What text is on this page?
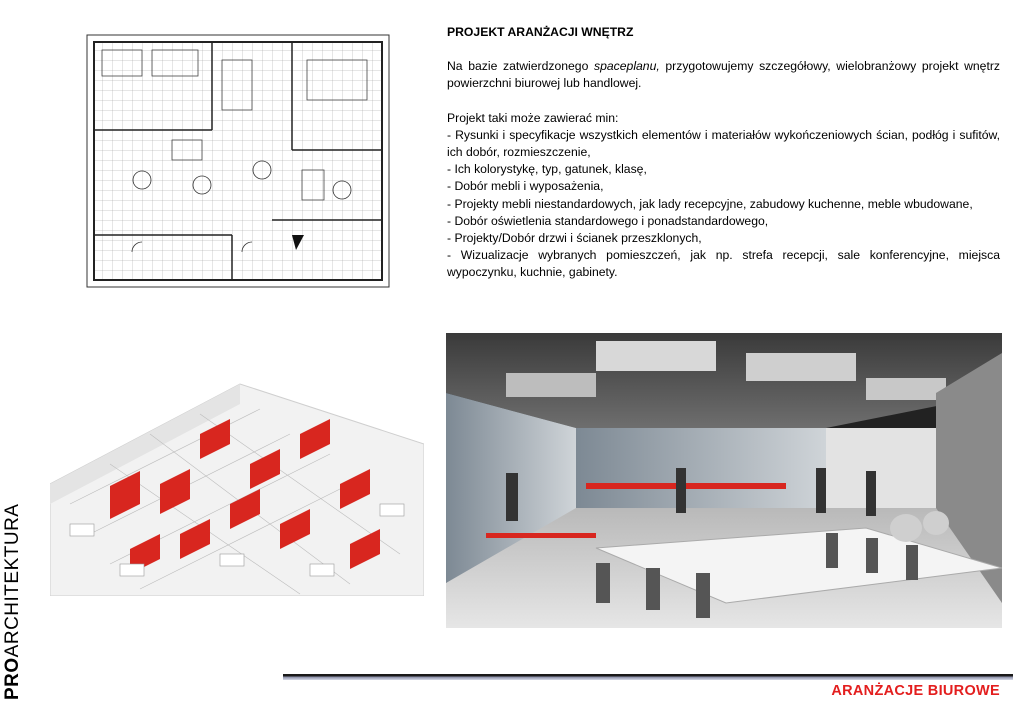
PROJEKT ARANŻACJI WNĘTRZ

Na bazie zatwierdzonego spaceplanu, przygotowujemy szczegółowy, wielobranżowy projekt wnętrz powierzchni biurowej lub handlowej.

Projekt taki może zawierać min:
- Rysunki i specyfikacje wszystkich elementów i materiałów wykończeniowych ścian, podłóg i sufitów, ich dobór, rozmieszczenie,
- Ich kolorystykę, typ, gatunek, klasę,
- Dobór mebli i wyposażenia,
- Projekty mebli niestandardowych, jak lady recepcyjne, zabudowy kuchenne, meble wbudowane,
- Dobór oświetlenia standardowego i ponadstandardowego,
- Projekty/Dobór drzwi i ścianek przeszklonych,
- Wizualizacje wybranych pomieszczeń, jak np. strefa recepcji, sale konferencyjne, miejsca wypoczynku, kuchnie, gabinety.
PROARCHITEKTURA
ARANŻACJE BIUROWE
